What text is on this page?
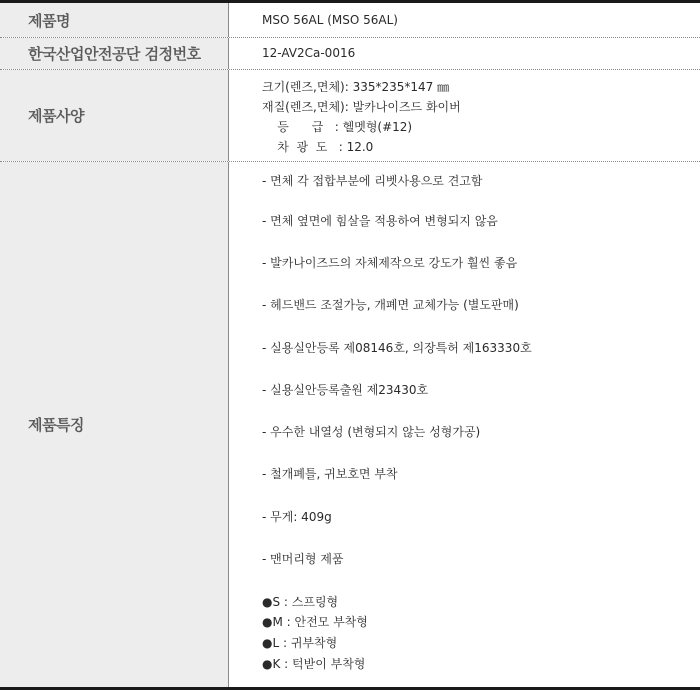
제품명	MSO 56AL (MSO 56AL)
한국산업안전공단 검정번호	12-AV2Ca-0016
제품사양
크기(렌즈,면체): 335*235*147 ㎜
재질(렌즈,면체): 발카나이즈드 화이버
등      급   : 헬멧형(#12)
차  광  도   : 12.0
제품특징
- 면체 각 접합부분에 리벳사용으로 견고함
- 면체 옆면에 힘살을 적용하여 변형되지 않음
- 발카나이즈드의 자체제작으로 강도가 훨씬 좋음
- 헤드밴드 조절가능, 개폐면 교체가능 (별도판매)
- 실용실안등록 제08146호, 의장특허 제163330호
- 실용실안등록출원 제23430호
- 우수한 내열성 (변형되지 않는 성형가공)
- 철개폐틀, 귀보호면 부착
- 무게: 409g
- 맨머리형 제품
●S : 스프링형
●M : 안전모 부착형
●L : 귀부착형
●K : 턱받이 부착형
